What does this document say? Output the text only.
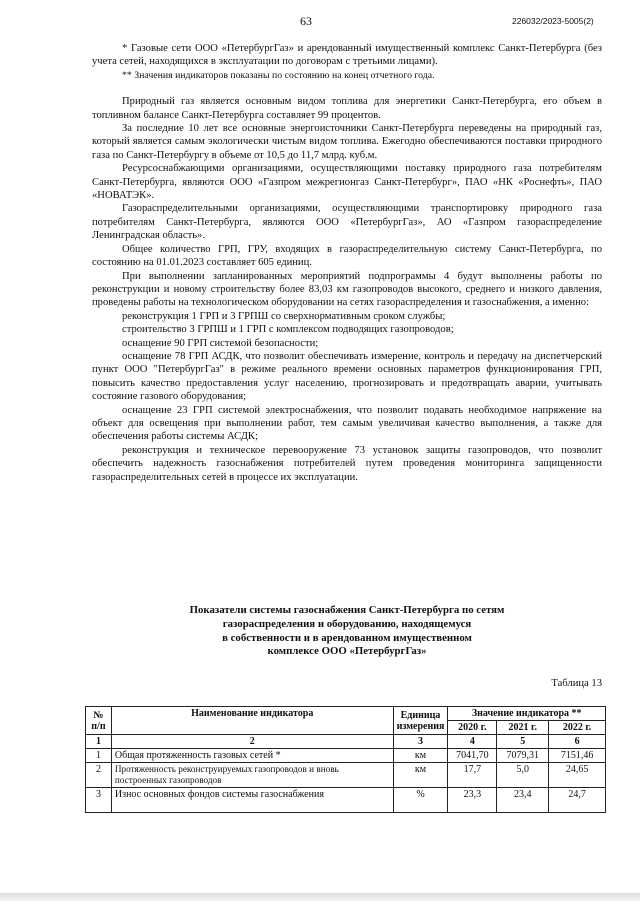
63	226032/2023-5005(2)

* Газовые сети ООО «ПетербургГаз» и арендованный имущественный комплекс Санкт-Петербурга (без учета сетей, находящихся в эксплуатации по договорам с третьими лицами).

** Значения индикаторов показаны по состоянию на конец отчетного года.

Природный газ является основным видом топлива для энергетики Санкт-Петербурга, его объем в топливном балансе Санкт-Петербурга составляет 99 процентов.

За последние 10 лет все основные энергоисточники Санкт-Петербурга переведены на природный газ, который является самым экологически чистым видом топлива. Ежегодно обеспечиваются поставки природного газа по Санкт-Петербургу в объеме от 10,5 до 11,7 млрд. куб.м.

Ресурсоснабжающими организациями, осуществляющими поставку природного газа потребителям Санкт-Петербурга, являются ООО «Газпром межрегионгаз Санкт-Петербург», ПАО «НК «Роснефть», ПАО «НОВАТЭК».

Газораспределительными организациями, осуществляющими транспортировку природного газа потребителям Санкт-Петербурга, являются ООО «ПетербургГаз», АО «Газпром газораспределение Ленинградская область».

Общее количество ГРП, ГРУ, входящих в газораспределительную систему Санкт-Петербурга, по состоянию на 01.01.2023 составляет 605 единиц.

При выполнении запланированных мероприятий подпрограммы 4 будут выполнены работы по реконструкции и новому строительству более 83,03 км газопроводов высокого, среднего и низкого давления, проведены работы на технологическом оборудовании на сетях газораспределения и газоснабжения, а именно:

реконструкция 1 ГРП и 3 ГРПШ со сверхнормативным сроком службы;

строительство 3 ГРПШ и 1 ГРП с комплексом подводящих газопроводов;

оснащение 90 ГРП системой безопасности;

оснащение 78 ГРП АСДК, что позволит обеспечивать измерение, контроль и передачу на диспетчерский пункт ООО "ПетербургГаз" в режиме реального времени основных параметров функционирования ГРП, повысить качество предоставления услуг населению, прогнозировать и предотвращать аварии, учитывать состояние газового оборудования;

оснащение 23 ГРП системой электроснабжения, что позволит подавать необходимое напряжение на объект для освещения при выполнении работ, тем самым увеличивая качество выполнения, а также для обеспечения работы системы АСДК;

реконструкция и техническое перевооружение 73 установок защиты газопроводов, что позволит обеспечить надежность газоснабжения потребителей путем проведения мониторинга защищенности газораспределительных сетей в процессе их эксплуатации.

Показатели системы газоснабжения Санкт-Петербурга по сетям
газораспределения и оборудованию, находящемуся
в собственности и в арендованном имущественном
комплексе ООО «ПетербургГаз»
Таблица 13
№ п/п	Наименование индикатора	Единица измерения	Значение индикатора **		
			2020 г.	2021 г.	2022 г.
1	2	3	4	5	6
1	Общая протяженность газовых сетей *	км	7041,70	7079,31	7151,46
2	Протяженность реконструируемых газопроводов и вновь построенных газопроводов	км	17,7	5,0	24,65
3	Износ основных фондов системы газоснабжения	%	23,3	23,4	24,7
